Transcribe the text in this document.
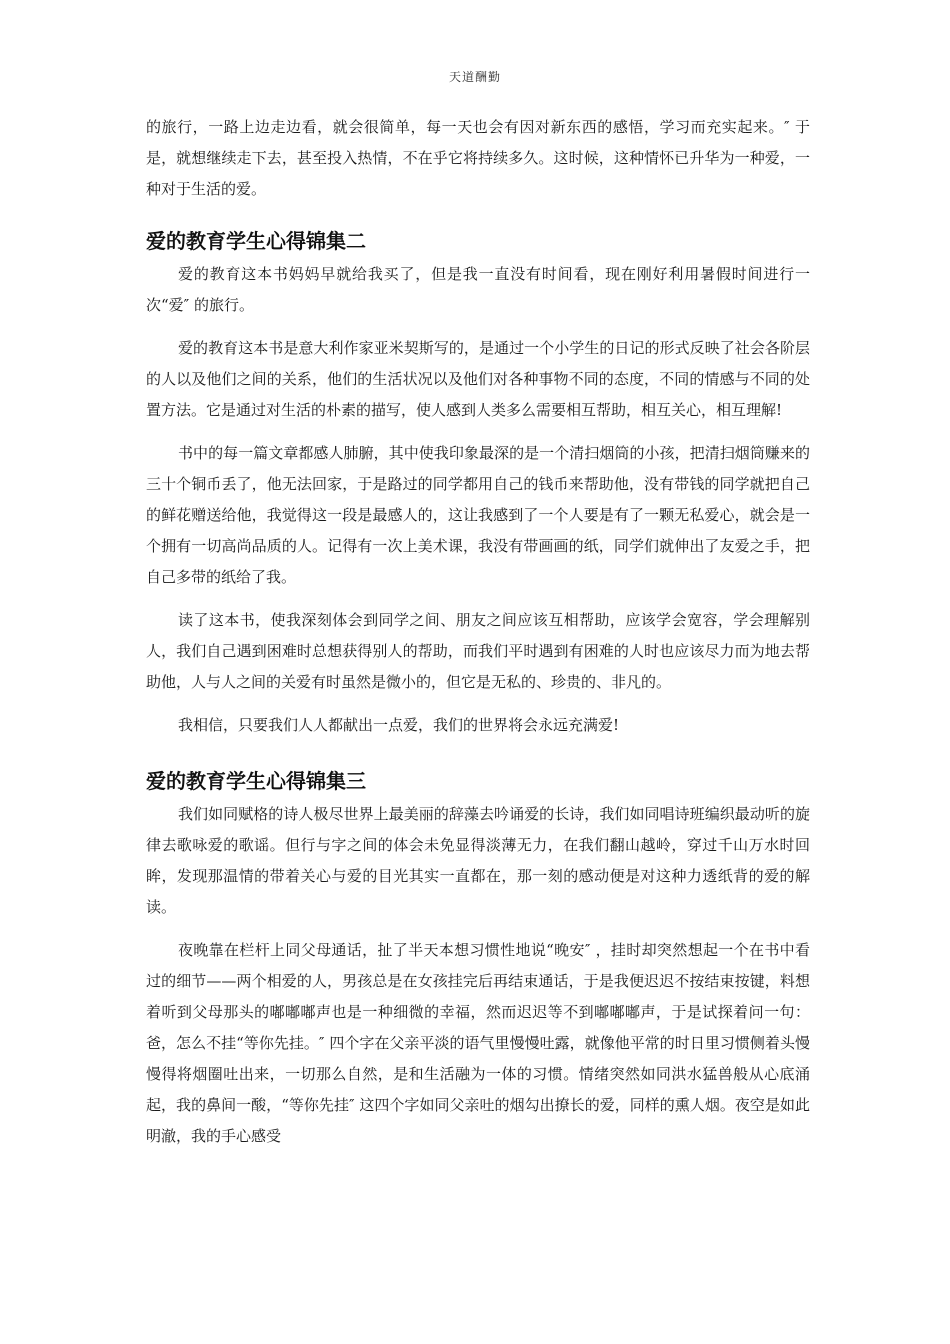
天道酬勤

的旅行，一路上边走边看，就会很简单，每一天也会有因对新东西的感悟，学习而充实起来。″ 于是，就想继续走下去，甚至投入热情，不在乎它将持续多久。这时候，这种情怀已升华为一种爱，一种对于生活的爱。

爱的教育学生心得锦集二

爱的教育这本书妈妈早就给我买了，但是我一直没有时间看，现在刚好利用暑假时间进行一次“爱″ 的旅行。

爱的教育这本书是意大利作家亚米契斯写的，是通过一个小学生的日记的形式反映了社会各阶层的人以及他们之间的关系，他们的生活状况以及他们对各种事物不同的态度，不同的情感与不同的处置方法。它是通过对生活的朴素的描写，使人感到人类多么需要相互帮助，相互关心，相互理解!

书中的每一篇文章都感人肺腑，其中使我印象最深的是一个清扫烟筒的小孩，把清扫烟筒赚来的三十个铜币丢了，他无法回家，于是路过的同学都用自己的钱币来帮助他，没有带钱的同学就把自己的鲜花赠送给他，我觉得这一段是最感人的，这让我感到了一个人要是有了一颗无私爱心，就会是一个拥有一切高尚品质的人。记得有一次上美术课，我没有带画画的纸，同学们就伸出了友爱之手，把自己多带的纸给了我。

读了这本书，使我深刻体会到同学之间、朋友之间应该互相帮助，应该学会宽容，学会理解别人，我们自己遇到困难时总想获得别人的帮助，而我们平时遇到有困难的人时也应该尽力而为地去帮助他，人与人之间的关爱有时虽然是微小的，但它是无私的、珍贵的、非凡的。

我相信，只要我们人人都献出一点爱，我们的世界将会永远充满爱!

爱的教育学生心得锦集三

我们如同赋格的诗人极尽世界上最美丽的辞藻去吟诵爱的长诗，我们如同唱诗班编织最动听的旋律去歌咏爱的歌谣。但行与字之间的体会未免显得淡薄无力，在我们翻山越岭，穿过千山万水时回眸，发现那温情的带着关心与爱的目光其实一直都在，那一刻的感动便是对这种力透纸背的爱的解读。

夜晚靠在栏杆上同父母通话，扯了半天本想习惯性地说“晚安″ ，挂时却突然想起一个在书中看过的细节——两个相爱的人，男孩总是在女孩挂完后再结束通话，于是我便迟迟不按结束按键，料想着听到父母那头的嘟嘟嘟声也是一种细微的幸福，然而迟迟等不到嘟嘟嘟声，于是试探着问一句：爸，怎么不挂“等你先挂。″ 四个字在父亲平淡的语气里慢慢吐露，就像他平常的时日里习惯侧着头慢慢得将烟圈吐出来，一切那么自然，是和生活融为一体的习惯。情绪突然如同洪水猛兽般从心底涌起，我的鼻间一酸，“等你先挂″ 这四个字如同父亲吐的烟勾出撩长的爱，同样的熏人烟。夜空是如此明澈，我的手心感受
